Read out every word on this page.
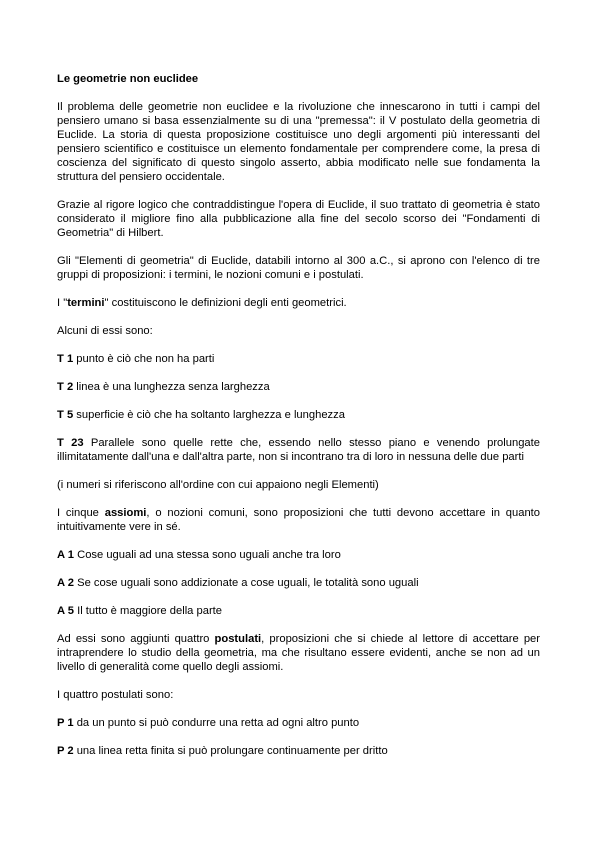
Le geometrie non euclidee

Il problema delle geometrie non euclidee e la rivoluzione che innescarono in tutti i campi del pensiero umano si basa essenzialmente su di una "premessa": il V postulato della geometria di Euclide. La storia di questa proposizione costituisce uno degli argomenti più interessanti del pensiero scientifico e costituisce un elemento fondamentale per comprendere come, la presa di coscienza del significato di questo singolo asserto, abbia modificato nelle sue fondamenta la struttura del pensiero occidentale.

Grazie al rigore logico che contraddistingue l'opera di Euclide, il suo trattato di geometria è stato considerato il migliore fino alla pubblicazione alla fine del secolo scorso dei "Fondamenti di Geometria" di Hilbert.

Gli "Elementi di geometria" di Euclide, databili intorno al 300 a.C., si aprono con l'elenco di tre gruppi di proposizioni: i termini, le nozioni comuni e i postulati.

I "termini" costituiscono le definizioni degli enti geometrici.

Alcuni di essi sono:

T 1 punto è ciò che non ha parti

T 2 linea è una lunghezza senza larghezza

T 5 superficie è ciò che ha soltanto larghezza e lunghezza

T 23 Parallele sono quelle rette che, essendo nello stesso piano e venendo prolungate illimitatamente dall'una e dall'altra parte, non si incontrano tra di loro in nessuna delle due parti

(i numeri si riferiscono all'ordine con cui appaiono negli Elementi)

I cinque assiomi, o nozioni comuni, sono proposizioni che tutti devono accettare in quanto intuitivamente vere in sé.

A 1 Cose uguali ad una stessa sono uguali anche tra loro

A 2 Se cose uguali sono addizionate a cose uguali, le totalità sono uguali

A 5 Il tutto è maggiore della parte

Ad essi sono aggiunti quattro postulati, proposizioni che si chiede al lettore di accettare per intraprendere lo studio della geometria, ma che risultano essere evidenti, anche se non ad un livello di generalità come quello degli assiomi.

I quattro postulati sono:

P 1 da un punto si può condurre una retta ad ogni altro punto

P 2 una linea retta finita si può prolungare continuamente per dritto
